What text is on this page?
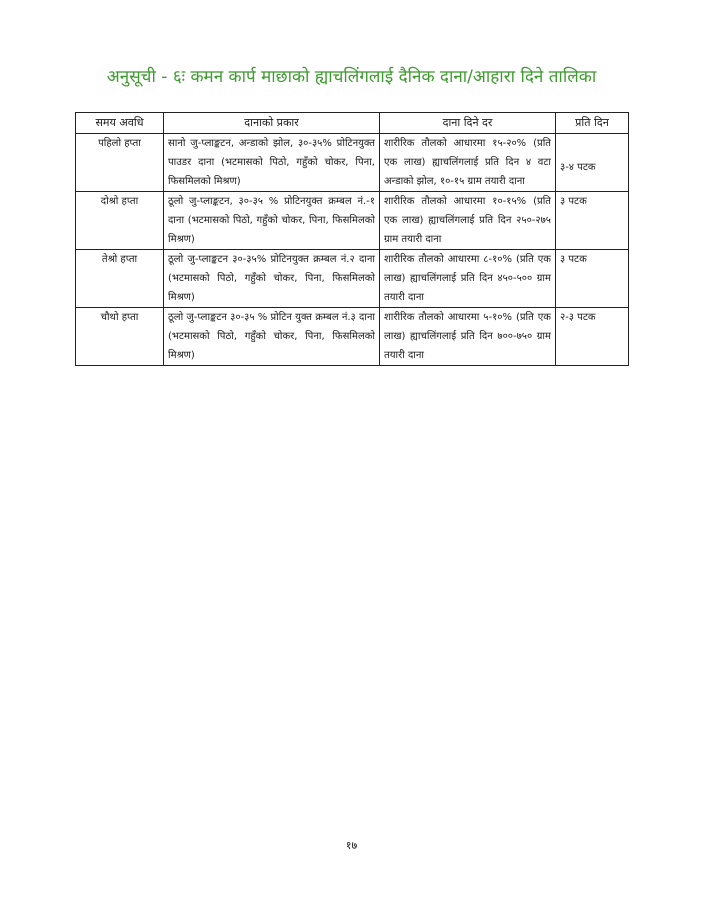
अनुसूची - ६ः कमन कार्प माछाको ह्याचलिंगलाई दैनिक दाना/आहारा दिने तालिका
समय अवधि	दानाको प्रकार	दाना दिने दर	प्रति दिन
पहिलो हप्ता	सानो जु-प्लाङ्कटन, अन्डाको झोल, ३०-३५% प्रोटिनयुक्त पाउडर दाना (भटमासको पिठो, गहुँको चोकर, पिना, फिसमिलको मिश्रण)	शारीरिक तौलको आधारमा १५-२०% (प्रति एक लाख) ह्याचलिंगलाई प्रति दिन ४ वटा अन्डाको झोल, १०-१५ ग्राम तयारी दाना	३-४ पटक
दोश्रो हप्ता	ठूलो जु-प्लाङ्कटन, ३०-३५ % प्रोटिनयुक्त क्रम्बल नं.-१ दाना (भटमासको पिठो, गहुँको चोकर, पिना, फिसमिलको मिश्रण)	शारीरिक तौलको आधारमा १०-१५% (प्रति एक लाख) ह्याचलिंगलाई प्रति दिन २५०-२७५ ग्राम तयारी दाना	३ पटक
तेश्रो हप्ता	ठूलो जु-प्लाङ्कटन ३०-३५% प्रोटिनयुक्त क्रम्बल नं.२ दाना (भटमासको पिठो, गहुँको चोकर, पिना, फिसमिलको मिश्रण)	शारीरिक तौलको आधारमा ८-१०% (प्रति एक लाख) ह्याचलिंगलाई प्रति दिन ४५०-५०० ग्राम तयारी दाना	३ पटक
चौथो हप्ता	ठूलो जु-प्लाङ्कटन ३०-३५ % प्रोटिन युक्त क्रम्बल नं.३ दाना (भटमासको पिठो, गहुँको चोकर, पिना, फिसमिलको मिश्रण)	शारीरिक तौलको आधारमा ५-१०% (प्रति एक लाख) ह्याचलिंगलाई प्रति दिन ७००-७५० ग्राम तयारी दाना	२-३ पटक
१७
